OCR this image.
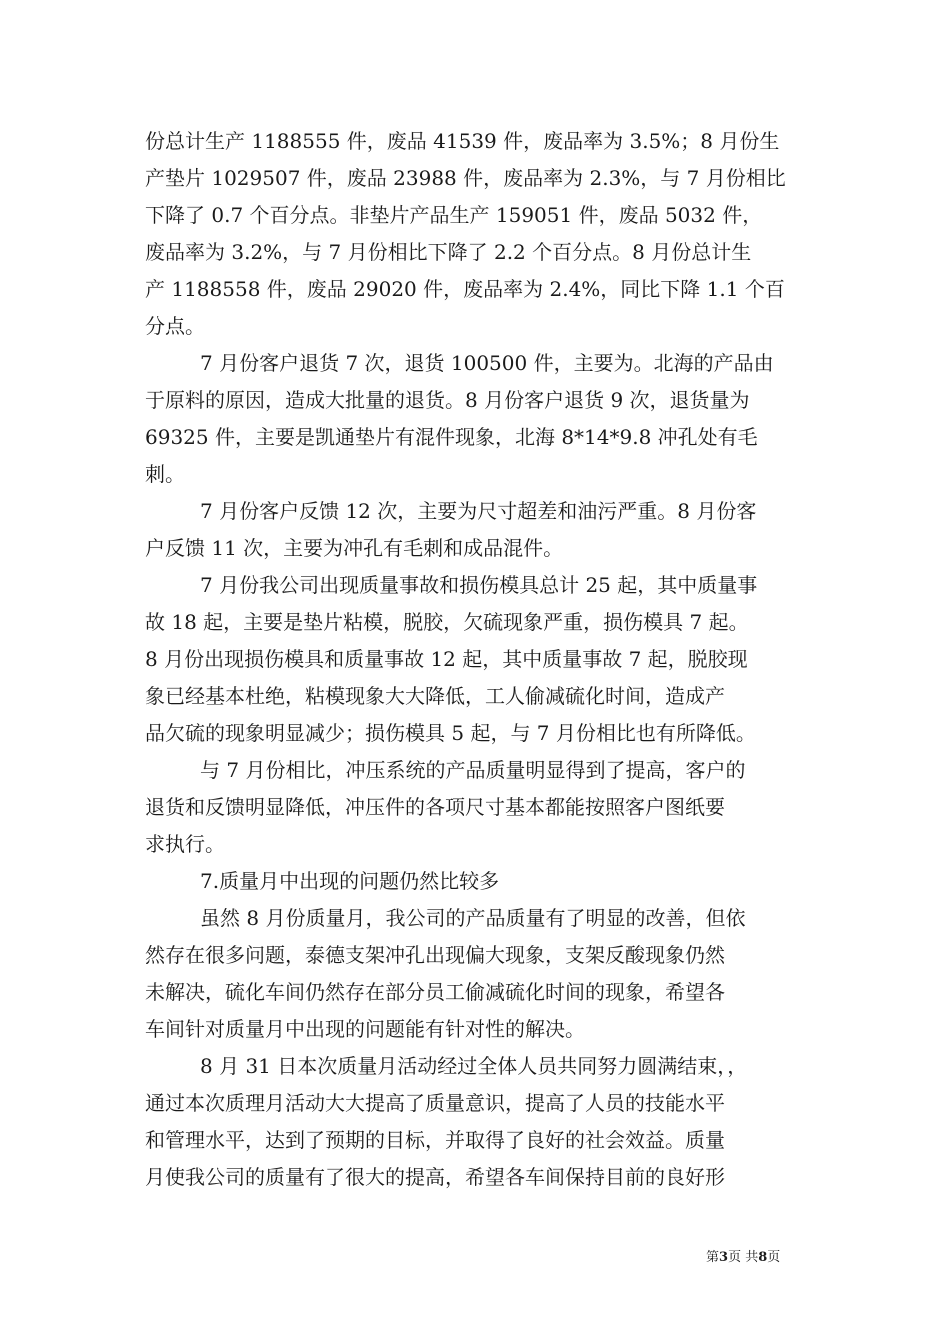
份总计生产 1188555 件，废品 41539 件，废品率为 3.5%；8 月份生
产垫片 1029507 件，废品 23988 件，废品率为 2.3%，与 7 月份相比
下降了 0.7 个百分点。非垫片产品生产 159051 件，废品 5032 件，
废品率为 3.2%，与 7 月份相比下降了 2.2 个百分点。8 月份总计生
产 1188558 件，废品 29020 件，废品率为 2.4%，同比下降 1.1 个百
分点。
7 月份客户退货 7 次，退货 100500 件，主要为。北海的产品由
于原料的原因，造成大批量的退货。8 月份客户退货 9 次，退货量为
69325 件，主要是凯通垫片有混件现象，北海 8*14*9.8 冲孔处有毛
刺。
7 月份客户反馈 12 次，主要为尺寸超差和油污严重。8 月份客
户反馈 11 次，主要为冲孔有毛刺和成品混件。
7 月份我公司出现质量事故和损伤模具总计 25 起，其中质量事
故 18 起，主要是垫片粘模，脱胶，欠硫现象严重，损伤模具 7 起。
8 月份出现损伤模具和质量事故 12 起，其中质量事故 7 起，脱胶现
象已经基本杜绝，粘模现象大大降低，工人偷减硫化时间，造成产
品欠硫的现象明显减少；损伤模具 5 起，与 7 月份相比也有所降低。
与 7 月份相比，冲压系统的产品质量明显得到了提高，客户的
退货和反馈明显降低，冲压件的各项尺寸基本都能按照客户图纸要
求执行。
7.质量月中出现的问题仍然比较多
虽然 8 月份质量月，我公司的产品质量有了明显的改善，但依
然存在很多问题，泰德支架冲孔出现偏大现象，支架反酸现象仍然
未解决，硫化车间仍然存在部分员工偷减硫化时间的现象，希望各
车间针对质量月中出现的问题能有针对性的解决。
8 月 31 日本次质量月活动经过全体人员共同努力圆满结束，，
通过本次质理月活动大大提高了质量意识，提高了人员的技能水平
和管理水平，达到了预期的目标，并取得了良好的社会效益。质量
月使我公司的质量有了很大的提高，希望各车间保持目前的良好形
第3页 共8页
